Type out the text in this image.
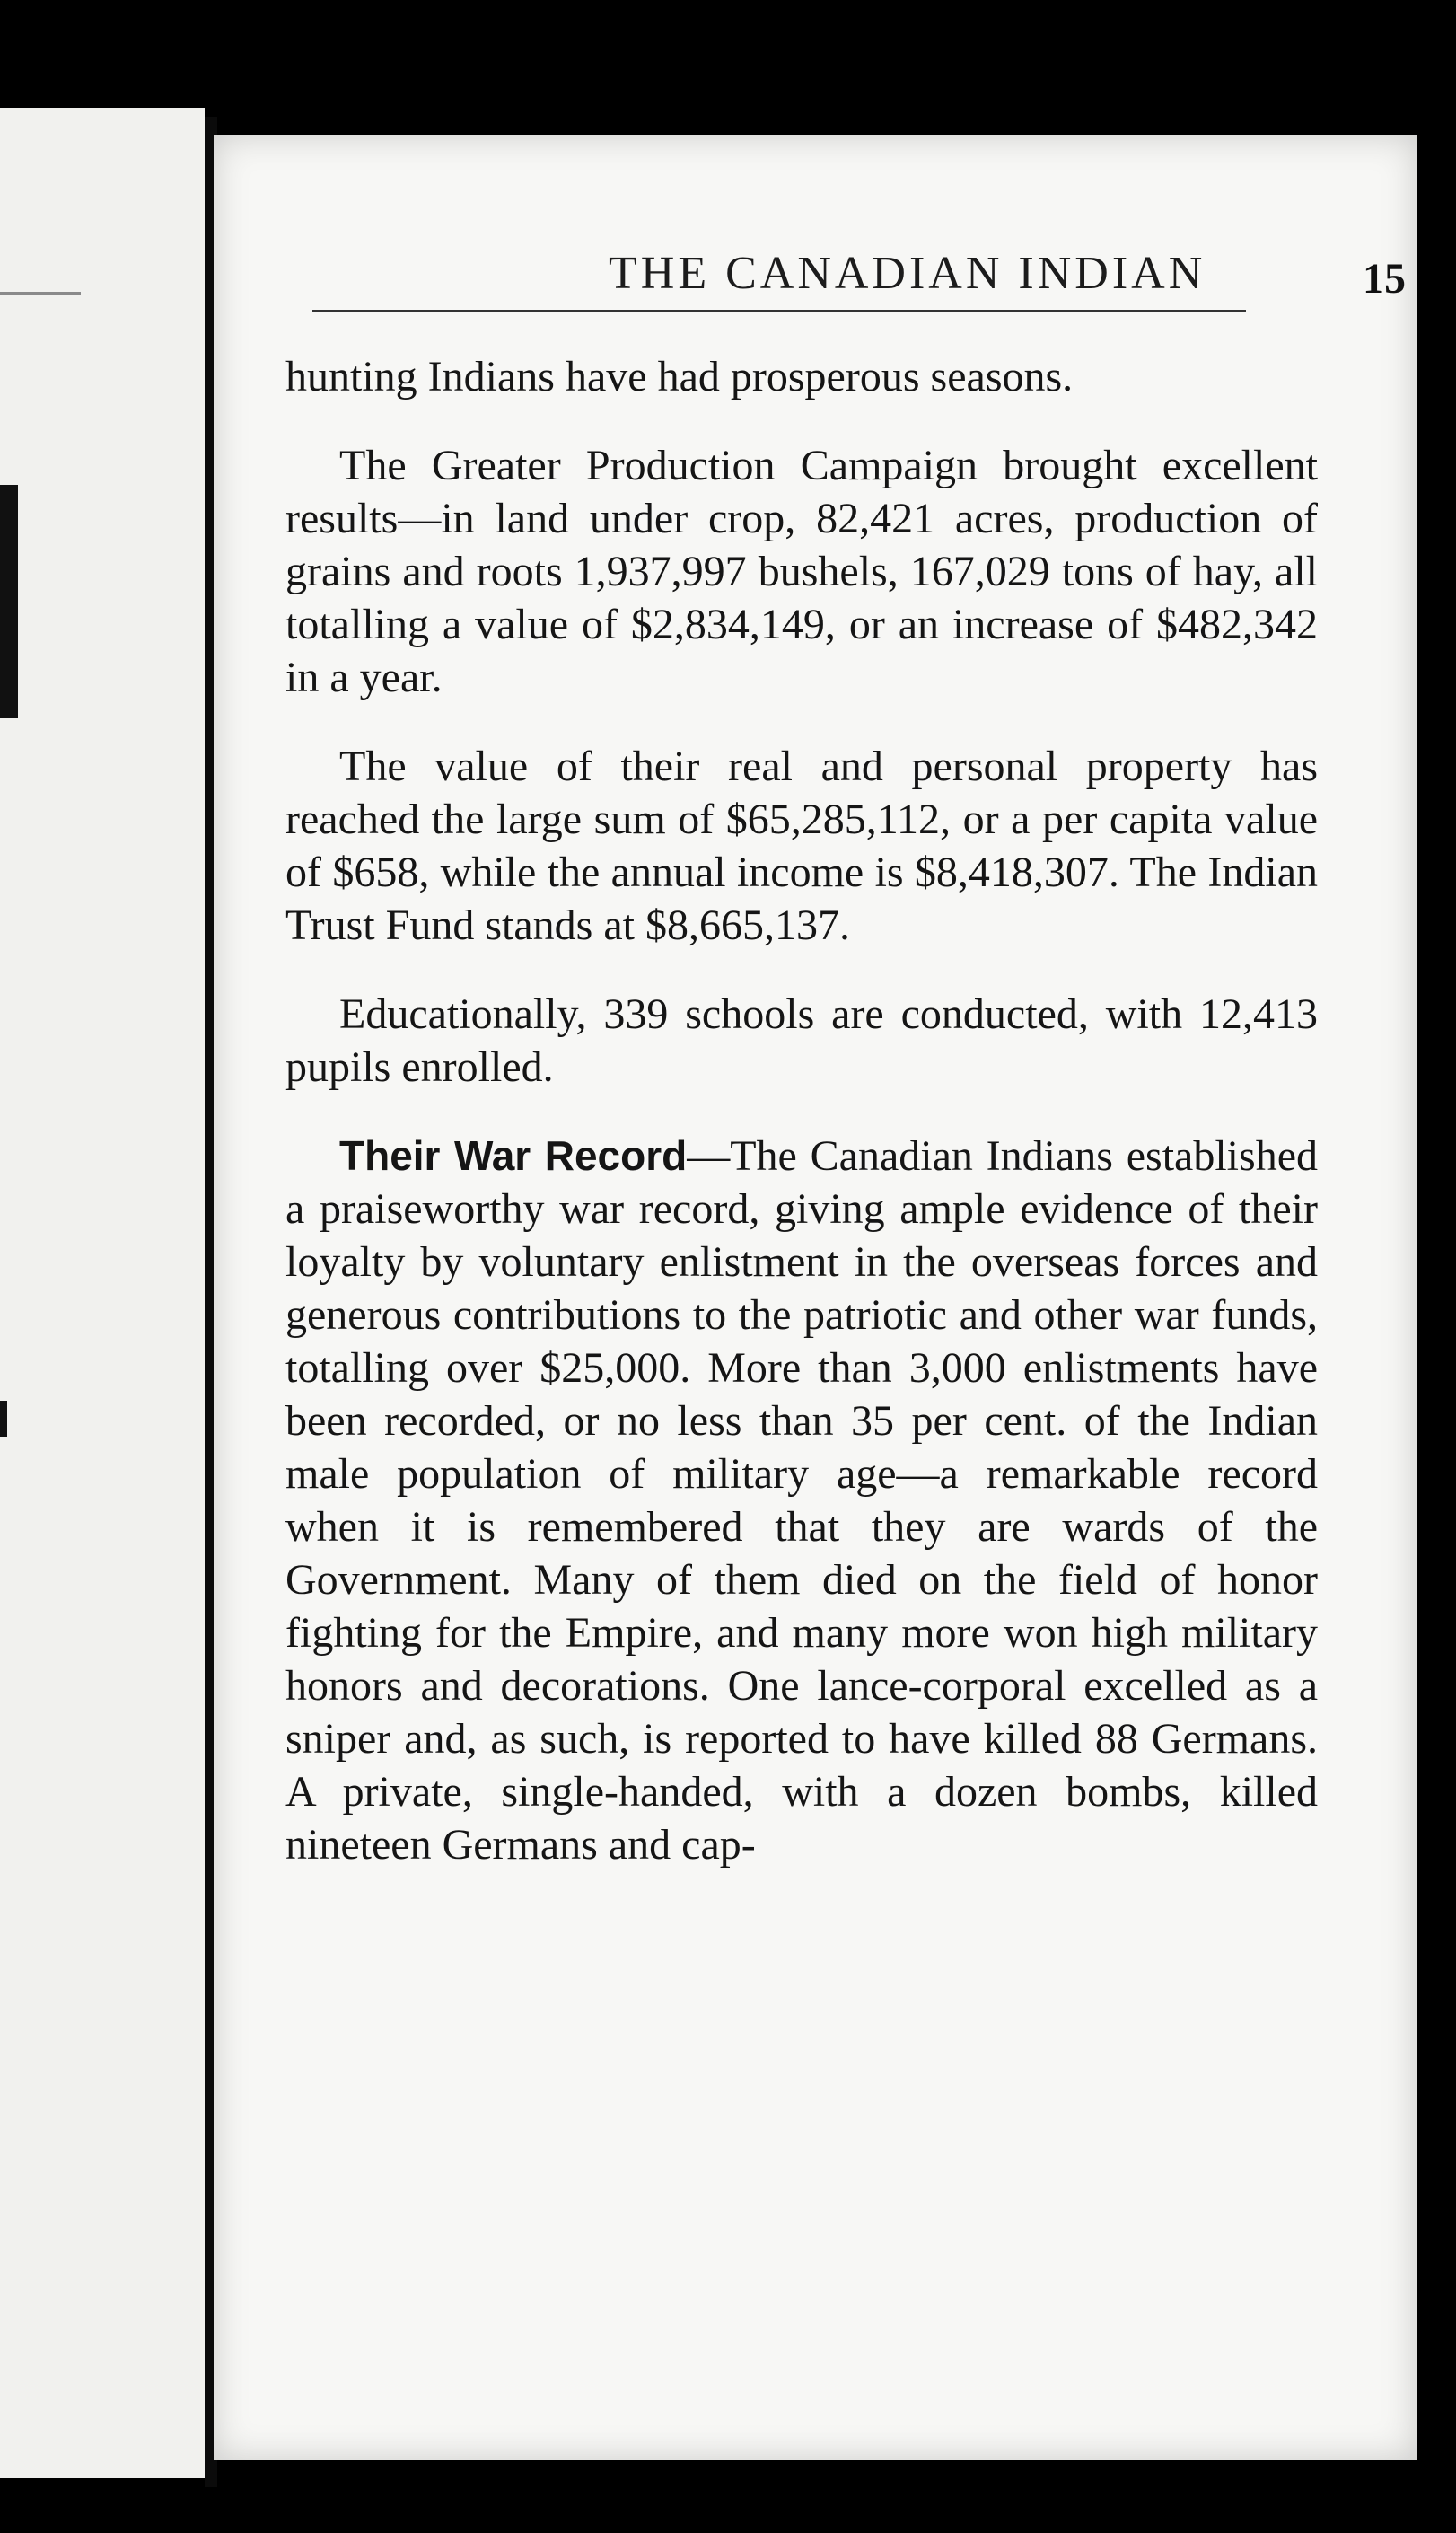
THE CANADIAN INDIAN	15

hunting Indians have had prosperous seasons.

The Greater Production Campaign brought excellent results—in land under crop, 82,421 acres, production of grains and roots 1,937,997 bushels, 167,029 tons of hay, all totalling a value of $2,834,149, or an increase of $482,342 in a year.

The value of their real and personal property has reached the large sum of $65,285,112, or a per capita value of $658, while the annual income is $8,418,307. The Indian Trust Fund stands at $8,665,137.

Educationally, 339 schools are conducted, with 12,413 pupils enrolled.

Their War Record—The Canadian Indians established a praiseworthy war record, giving ample evidence of their loyalty by voluntary enlistment in the overseas forces and generous contributions to the patriotic and other war funds, totalling over $25,000. More than 3,000 enlistments have been recorded, or no less than 35 per cent. of the Indian male population of military age—a remarkable record when it is remembered that they are wards of the Government. Many of them died on the field of honor fighting for the Empire, and many more won high military honors and decorations. One lance-corporal excelled as a sniper and, as such, is reported to have killed 88 Germans. A private, single-handed, with a dozen bombs, killed nineteen Germans and cap-
